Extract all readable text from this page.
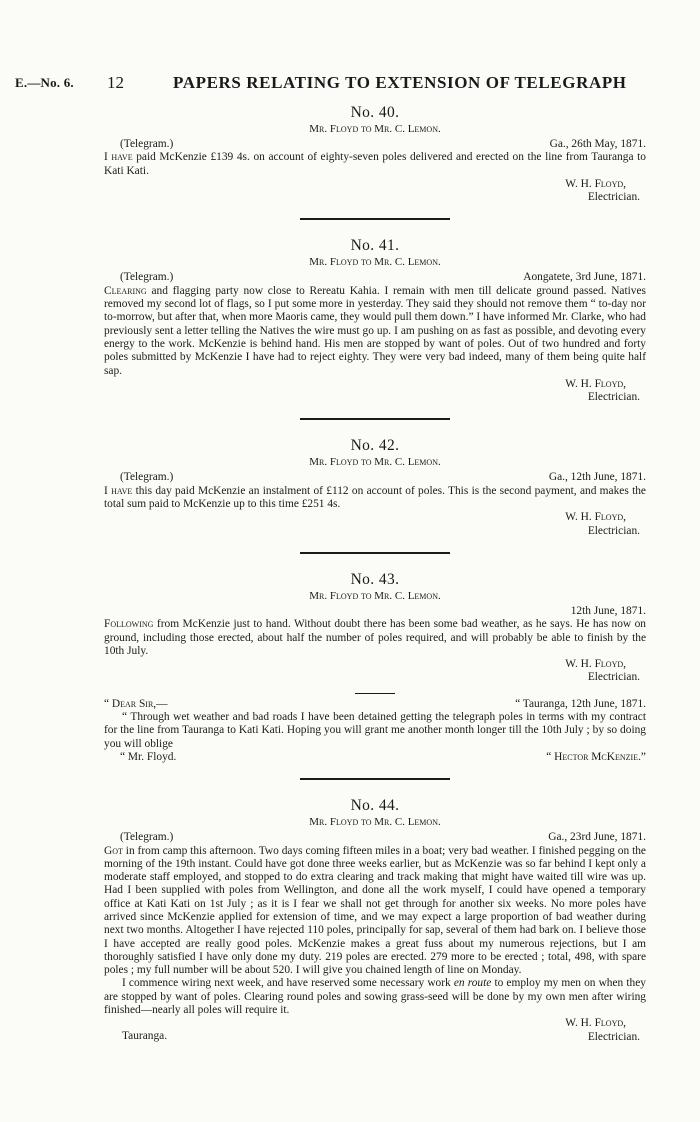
E.—No. 6. 12	PAPERS RELATING TO EXTENSION OF TELEGRAPH

No. 40.

Mr. Floyd to Mr. C. Lemon.

(Telegram.)	Ga., 26th May, 1871.

I have paid McKenzie £139 4s. on account of eighty-seven poles delivered and erected on the line from Tauranga to Kati Kati.

W. H. Floyd,
Electrician.

No. 41.

Mr. Floyd to Mr. C. Lemon.

(Telegram.)	Aongatete, 3rd June, 1871.

Clearing and flagging party now close to Rereatu Kahia. I remain with men till delicate ground passed. Natives removed my second lot of flags, so I put some more in yesterday. They said they should not remove them “ to-day nor to-morrow, but after that, when more Maoris came, they would pull them down.” I have informed Mr. Clarke, who had previously sent a letter telling the Natives the wire must go up. I am pushing on as fast as possible, and devoting every energy to the work. McKenzie is behind hand. His men are stopped by want of poles. Out of two hundred and forty poles submitted by McKenzie I have had to reject eighty. They were very bad indeed, many of them being quite half sap.

W. H. Floyd,
Electrician.

No. 42.

Mr. Floyd to Mr. C. Lemon.

(Telegram.)	Ga., 12th June, 1871.

I have this day paid McKenzie an instalment of £112 on account of poles. This is the second payment, and makes the total sum paid to McKenzie up to this time £251 4s.

W. H. Floyd,
Electrician.

No. 43.

Mr. Floyd to Mr. C. Lemon.

12th June, 1871.

Following from McKenzie just to hand. Without doubt there has been some bad weather, as he says. He has now on ground, including those erected, about half the number of poles required, and will probably be able to finish by the 10th July.

W. H. Floyd,
Electrician.

“ Dear Sir,—	“ Tauranga, 12th June, 1871.

“ Through wet weather and bad roads I have been detained getting the telegraph poles in terms with my contract for the line from Tauranga to Kati Kati. Hoping you will grant me another month longer till the 10th July ; by so doing you will oblige

“ Mr. Floyd.	“ Hector McKenzie.”

No. 44.

Mr. Floyd to Mr. C. Lemon.

(Telegram.)	Ga., 23rd June, 1871.

Got in from camp this afternoon. Two days coming fifteen miles in a boat; very bad weather. I finished pegging on the morning of the 19th instant. Could have got done three weeks earlier, but as McKenzie was so far behind I kept only a moderate staff employed, and stopped to do extra clearing and track making that might have waited till wire was up. Had I been supplied with poles from Wellington, and done all the work myself, I could have opened a temporary office at Kati Kati on 1st July ; as it is I fear we shall not get through for another six weeks. No more poles have arrived since McKenzie applied for extension of time, and we may expect a large proportion of bad weather during next two months. Altogether I have rejected 110 poles, principally for sap, several of them had bark on. I believe those I have accepted are really good poles. McKenzie makes a great fuss about my numerous rejections, but I am thoroughly satisfied I have only done my duty. 219 poles are erected. 279 more to be erected ; total, 498, with spare poles ; my full number will be about 520. I will give you chained length of line on Monday.

I commence wiring next week, and have reserved some necessary work en route to employ my men on when they are stopped by want of poles. Clearing round poles and sowing grass-seed will be done by my own men after wiring finished—nearly all poles will require it.

Tauranga.

W. H. Floyd,
Electrician.
